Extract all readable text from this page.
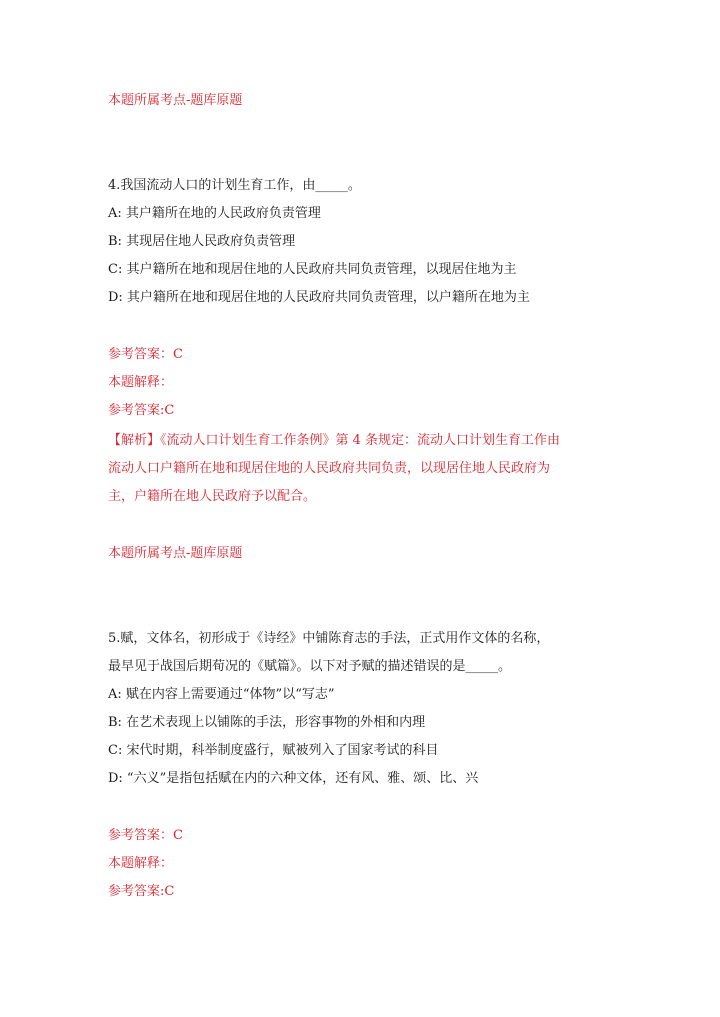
本题所属考点-题库原题
4.我国流动人口的计划生育工作，由_____。
A: 其户籍所在地的人民政府负责管理
B: 其现居住地人民政府负责管理
C: 其户籍所在地和现居住地的人民政府共同负责管理，以现居住地为主
D: 其户籍所在地和现居住地的人民政府共同负责管理，以户籍所在地为主
参考答案：C
本题解释：
参考答案:C
【解析】《流动人口计划生育工作条例》第 4 条规定：流动人口计划生育工作由
流动人口户籍所在地和现居住地的人民政府共同负责，以现居住地人民政府为
主，户籍所在地人民政府予以配合。
本题所属考点-题库原题
5.赋，文体名，初形成于《诗经》中铺陈育志的手法，正式用作文体的名称，
最早见于战国后期荀况的《赋篇》。以下对予赋的描述错误的是_____。
A: 赋在内容上需要通过“体物”以“写志”
B: 在艺术表现上以铺陈的手法，形容事物的外相和内理
C: 宋代时期，科举制度盛行，赋被列入了国家考试的科目
D: “六义”是指包括赋在内的六种文体，还有风、雅、颂、比、兴
参考答案：C
本题解释：
参考答案:C
